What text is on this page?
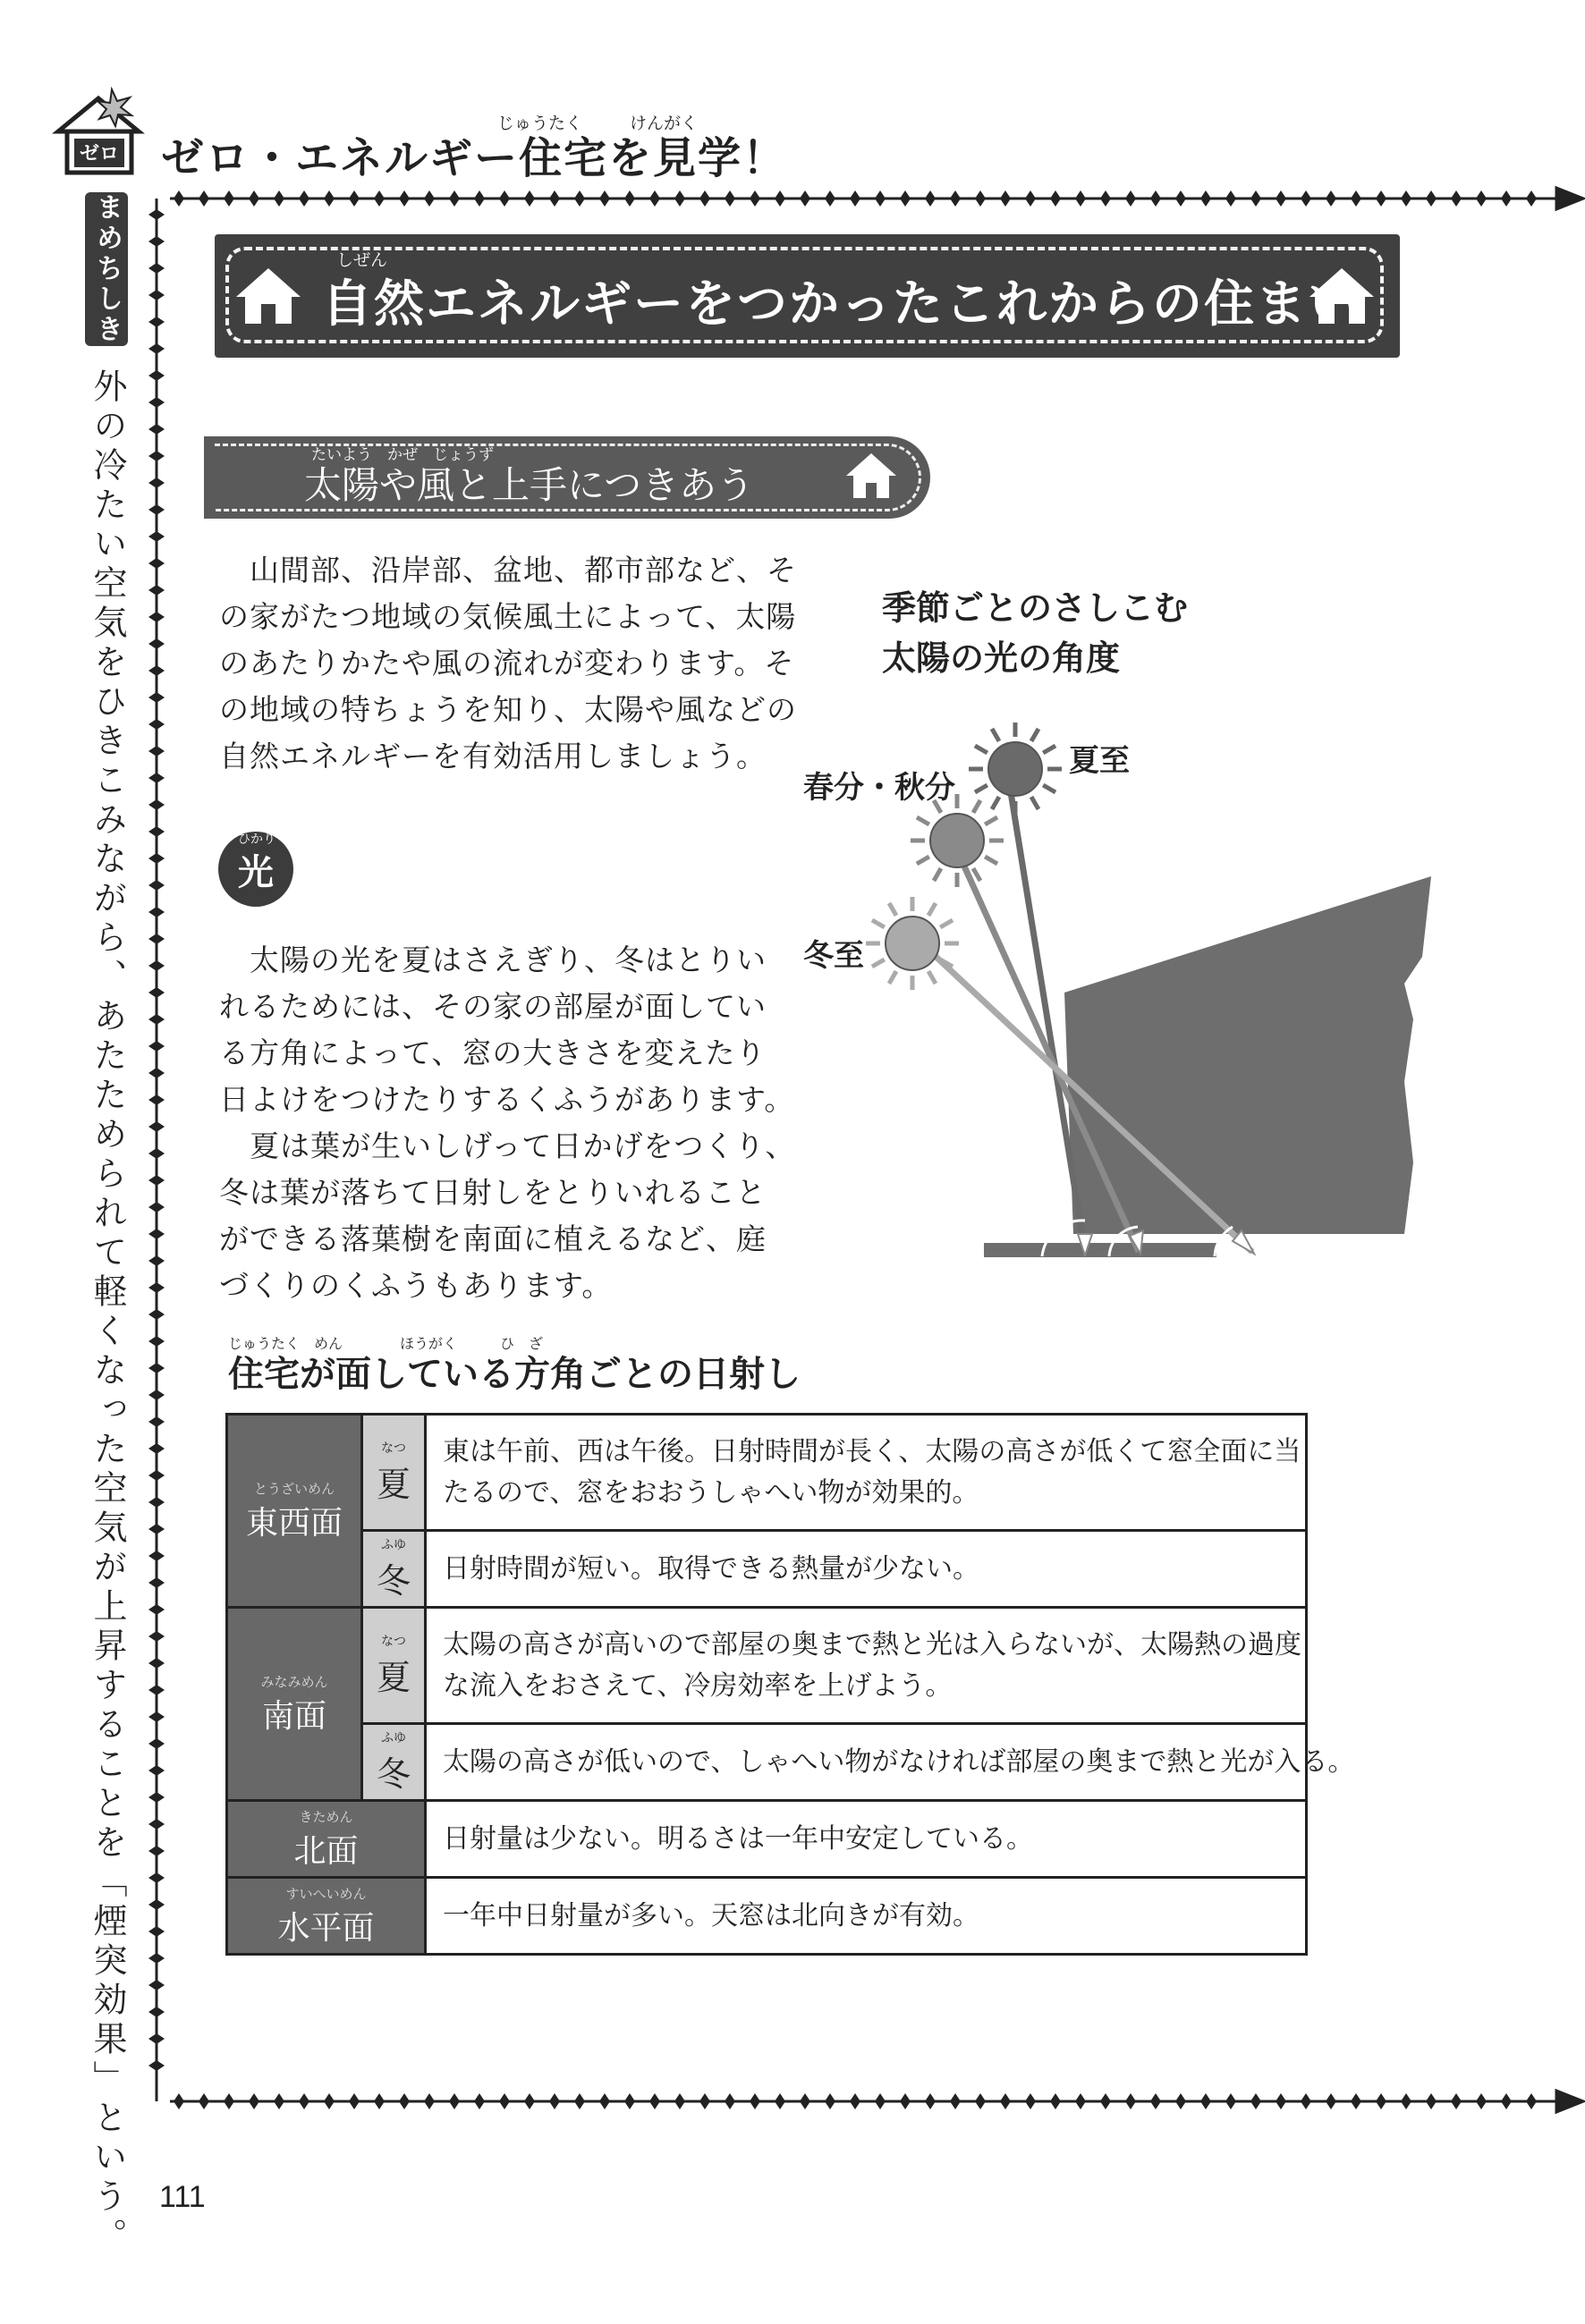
ゼロ
じゅうたく	けんがく
ゼロ・エネルギー住宅を見学！
まめちしき
外の冷たい空気をひきこみながら、あたためられて軽くなった空気が上昇することを「煙突効果」という。
しぜん
自然エネルギーをつかったこれからの住まい
たいよう　かぜ　じょうず
太陽や風と上手につきあう

　山間部、沿岸部、盆地、都市部など、そ

の家がたつ地域の気候風土によって、太陽

のあたりかたや風の流れが変わります。そ

の地域の特ちょうを知り、太陽や風などの

自然エネルギーを有効活用しましょう。

光
ひかり

　太陽の光を夏はさえぎり、冬はとりい

れるためには、その家の部屋が面してい

る方角によって、窓の大きさを変えたり

日よけをつけたりするくふうがあります。

　夏は葉が生いしげって日かげをつくり、

冬は葉が落ちて日射しをとりいれること

ができる落葉樹を南面に植えるなど、庭

づくりのくふうもあります。

季節ごとのさしこむ
太陽の光の角度
夏至
春分・秋分
冬至
じゅうたく　めん　　　　ほうがく　　　ひ　ざ
住宅が面している方角ごとの日射し
とうざいめん
東西面	なつ
夏	東は午前、西は午後。日射時間が長く、太陽の高さが低くて窓全面に当
たるので、窓をおおうしゃへい物が効果的。

	ふゆ
冬	日射時間が短い。取得できる熱量が少ない。

みなみめん
南面	なつ
夏	太陽の高さが高いので部屋の奥まで熱と光は入らないが、太陽熱の過度
な流入をおさえて、冷房効率を上げよう。

	ふゆ
冬	太陽の高さが低いので、しゃへい物がなければ部屋の奥まで熱と光が入る。

きためん
北面		日射量は少ない。明るさは一年中安定している。

すいへいめん
水平面		一年中日射量が多い。天窓は北向きが有効。
111
